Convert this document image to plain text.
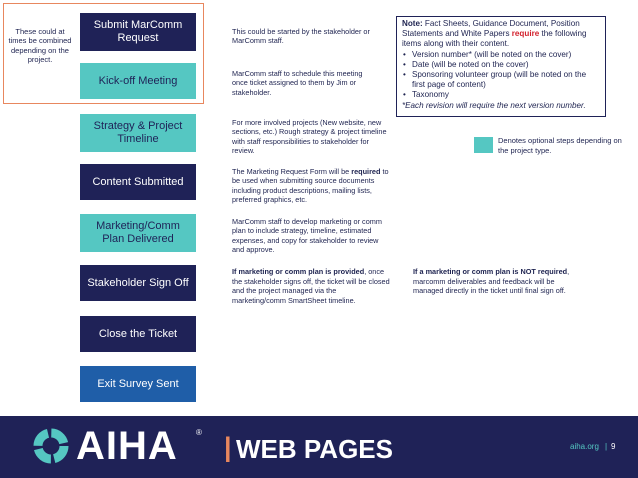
These could at times be combined depending on the project.
Submit MarComm Request
Kick-off Meeting
Strategy & Project Timeline
Content Submitted
Marketing/Comm Plan Delivered
Stakeholder Sign Off
Close the Ticket
Exit Survey Sent
This could be started by the stakeholder or MarComm staff.
MarComm staff to schedule this meeting once ticket assigned to them by Jim or stakeholder.
For more involved projects (New website, new sections, etc.) Rough strategy & project timeline with staff responsibilities to stakeholder for review.
The Marketing Request Form will be required to be used when submitting source documents including product descriptions, mailing lists, preferred graphics, etc.
MarComm staff to develop marketing or comm plan to include strategy, timeline, estimated expenses, and copy for stakeholder to review and approve.
If marketing or comm plan is provided, once the stakeholder signs off, the ticket will be closed and the project managed via the marketing/comm SmartSheet timeline.
If a marketing or comm plan is NOT required, marcomm deliverables and feedback will be managed directly in the ticket until final sign off.
Note: Fact Sheets, Guidance Document, Position Statements and White Papers require the following items along with their content.
• Version number* (will be noted on the cover)
• Date (will be noted on the cover)
• Sponsoring volunteer group (will be noted on the first page of content)
• Taxonomy
*Each revision will require the next version number.
Denotes optional steps depending on the project type.
AIHA ® | WEB PAGES	aiha.org | 9
